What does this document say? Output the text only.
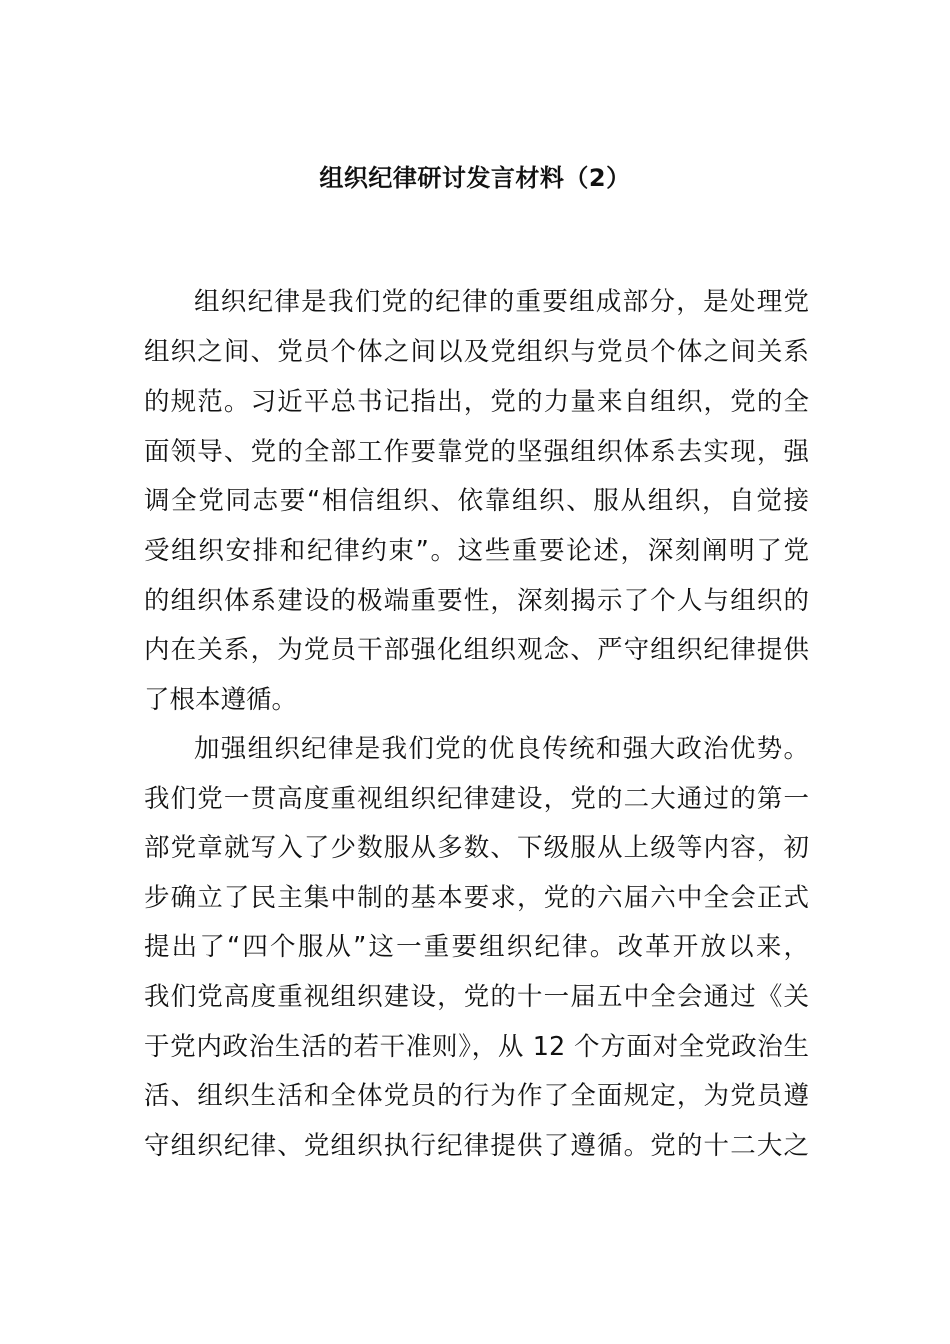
组织纪律研讨发言材料（2）
组织纪律是我们党的纪律的重要组成部分，是处理党
组织之间、党员个体之间以及党组织与党员个体之间关系
的规范。习近平总书记指出，党的力量来自组织，党的全
面领导、党的全部工作要靠党的坚强组织体系去实现，强
调全党同志要“相信组织、依靠组织、服从组织，自觉接
受组织安排和纪律约束”。这些重要论述，深刻阐明了党
的组织体系建设的极端重要性，深刻揭示了个人与组织的
内在关系，为党员干部强化组织观念、严守组织纪律提供
了根本遵循。
加强组织纪律是我们党的优良传统和强大政治优势。
我们党一贯高度重视组织纪律建设，党的二大通过的第一
部党章就写入了少数服从多数、下级服从上级等内容，初
步确立了民主集中制的基本要求，党的六届六中全会正式
提出了“四个服从”这一重要组织纪律。改革开放以来，
我们党高度重视组织建设，党的十一届五中全会通过《关
于党内政治生活的若干准则》，从 12 个方面对全党政治生
活、组织生活和全体党员的行为作了全面规定，为党员遵
守组织纪律、党组织执行纪律提供了遵循。党的十二大之
